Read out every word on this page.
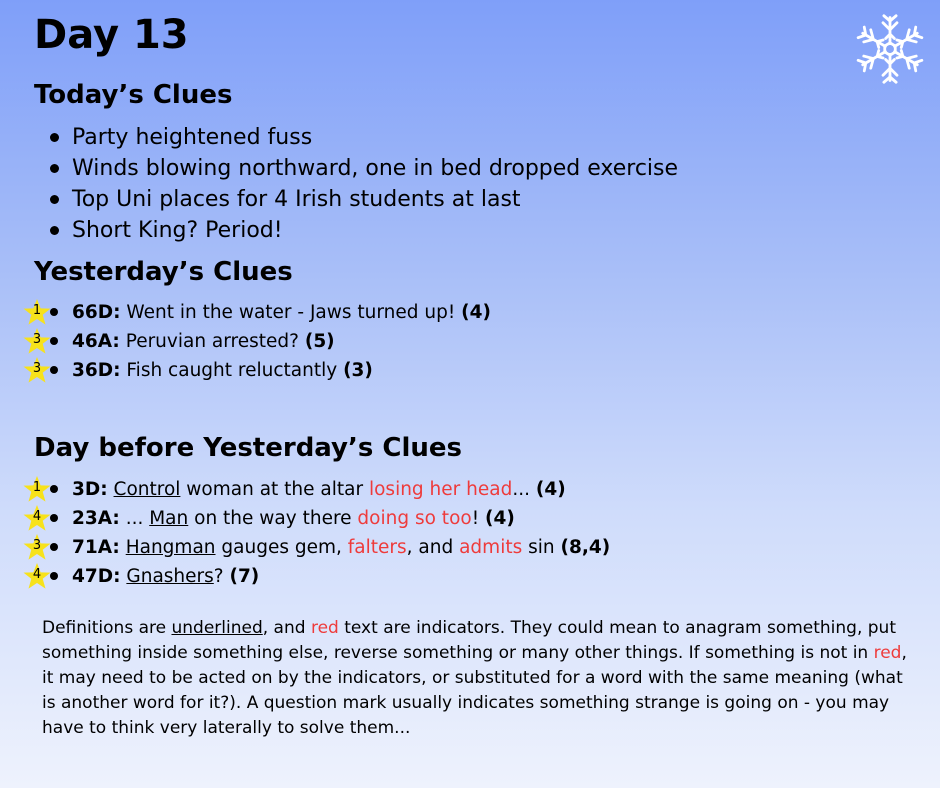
Day 13
Today’s Clues
Party heightened fuss
Winds blowing northward, one in bed dropped exercise
Top Uni places for 4 Irish students at last
Short King? Period!
Yesterday’s Clues
1
3
3
66D: Went in the water - Jaws turned up! (4)
46A: Peruvian arrested? (5)
36D: Fish caught reluctantly (3)
Day before Yesterday’s Clues
1
4
3
4
3D: Control woman at the altar losing her head... (4)
23A: ... Man on the way there doing so too! (4)
71A: Hangman gauges gem, falters, and admits sin (8,4)
47D: Gnashers? (7)

Definitions are underlined, and red text are indicators. They could mean to anagram something, put something inside something else, reverse something or many other things. If something is not in red, it may need to be acted on by the indicators, or substituted for a word with the same meaning (what is another word for it?). A question mark usually indicates something strange is going on - you may have to think very laterally to solve them...
